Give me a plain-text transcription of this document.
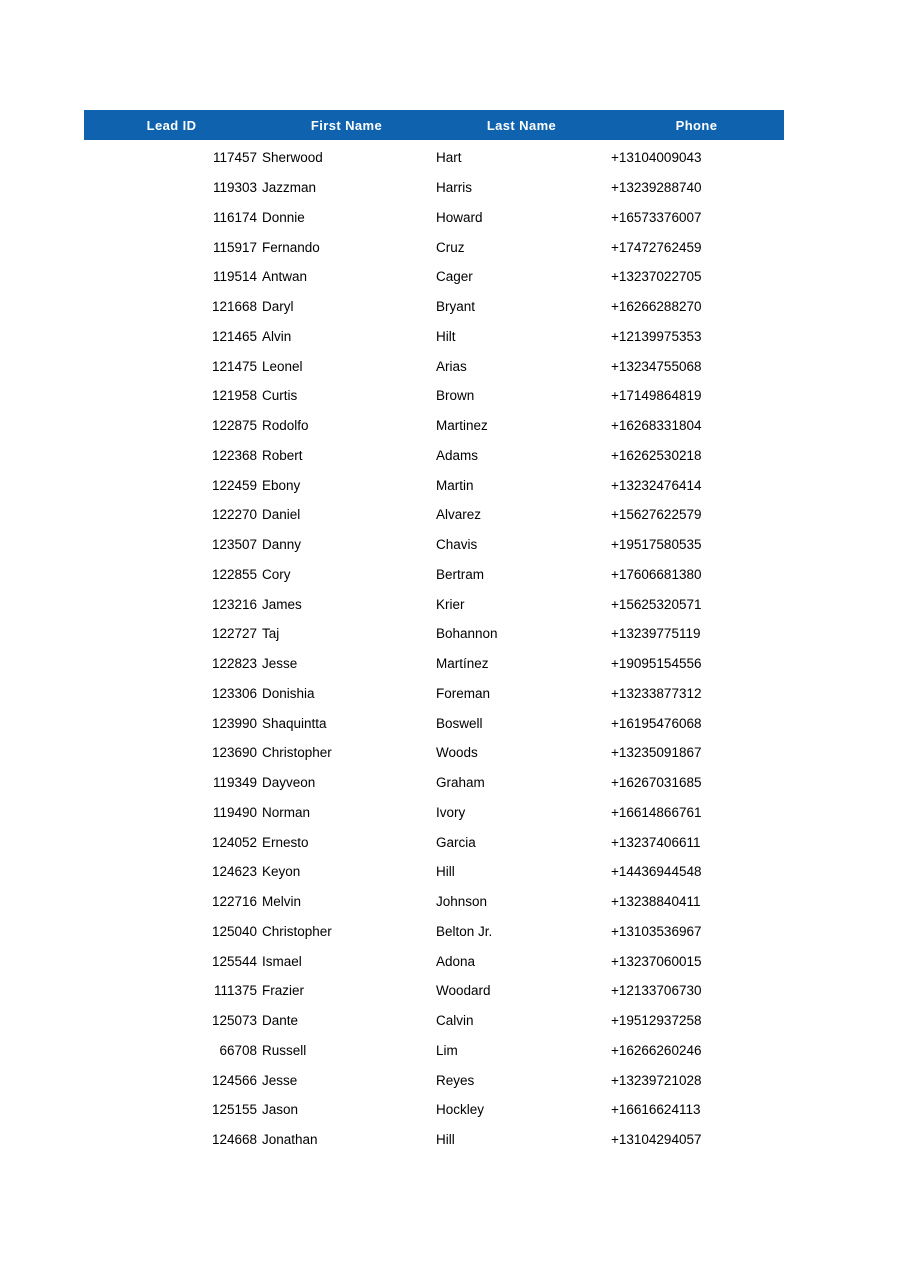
Lead ID	First Name	Last Name	Phone
117457 Sherwood	Hart	+13104009043
119303 Jazzman	Harris	+13239288740
116174 Donnie	Howard	+16573376007
115917 Fernando	Cruz	+17472762459
119514 Antwan	Cager	+13237022705
121668 Daryl	Bryant	+16266288270
121465 Alvin	Hilt	+12139975353
121475 Leonel	Arias	+13234755068
121958 Curtis	Brown	+17149864819
122875 Rodolfo	Martinez	+16268331804
122368 Robert	Adams	+16262530218
122459 Ebony	Martin	+13232476414
122270 Daniel	Alvarez	+15627622579
123507 Danny	Chavis	+19517580535
122855 Cory	Bertram	+17606681380
123216 James	Krier	+15625320571
122727 Taj	Bohannon	+13239775119
122823 Jesse	Martínez	+19095154556
123306 Donishia	Foreman	+13233877312
123990 Shaquintta	Boswell	+16195476068
123690 Christopher	Woods	+13235091867
119349 Dayveon	Graham	+16267031685
119490 Norman	Ivory	+16614866761
124052 Ernesto	Garcia	+13237406611
124623 Keyon	Hill	+14436944548
122716 Melvin	Johnson	+13238840411
125040 Christopher	Belton Jr.	+13103536967
125544 Ismael	Adona	+13237060015
111375 Frazier	Woodard	+12133706730
125073 Dante	Calvin	+19512937258
66708 Russell	Lim	+16266260246
124566 Jesse	Reyes	+13239721028
125155 Jason	Hockley	+16616624113
124668 Jonathan	Hill	+13104294057
